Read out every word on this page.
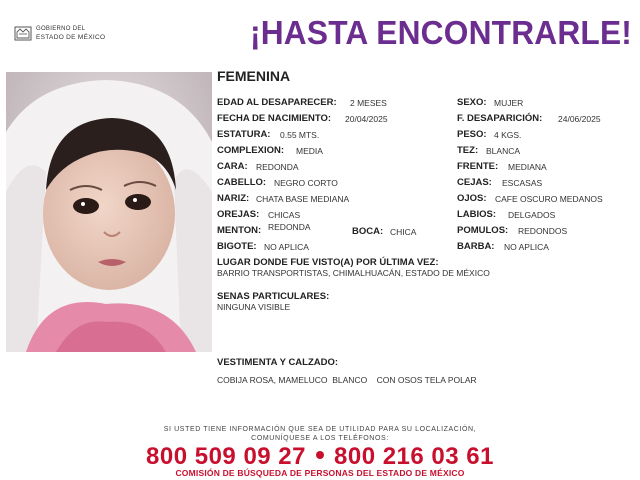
GOBIERNO DEL
ESTADO DE MÉXICO	¡HASTA ENCONTRARLE!
FEMENINA
EDAD AL DESAPARECER: 2 MESES
FECHA DE NACIMIENTO: 20/04/2025
ESTATURA: 0.55 MTS.
COMPLEXION: MEDIA
CARA: REDONDA
CABELLO: NEGRO CORTO
NARIZ: CHATA BASE MEDIANA
OREJAS: CHICAS
MENTON: REDONDA	BOCA: CHICA
BIGOTE: NO APLICA
SEXO: MUJER
F. DESAPARICIÓN: 24/06/2025
PESO: 4 KGS.
TEZ: BLANCA
FRENTE: MEDIANA
CEJAS: ESCASAS
OJOS: CAFE OSCURO MEDANOS
LABIOS: DELGADOS
POMULOS: REDONDOS
BARBA: NO APLICA
LUGAR DONDE FUE VISTO(A) POR ÚLTIMA VEZ:
BARRIO TRANSPORTISTAS, CHIMALHUACÁN, ESTADO DE MÉXICO
SENAS PARTICULARES:
NINGUNA VISIBLE
VESTIMENTA Y CALZADO:
COBIJA ROSA, MAMELUCO  BLANCO    CON OSOS TELA POLAR
SI USTED TIENE INFORMACIÓN QUE SEA DE UTILIDAD PARA SU LOCALIZACIÓN,
COMUNÍQUESE A LOS TELÉFONOS:
800 509 09 27 800 216 03 61
COMISIÓN DE BÚSQUEDA DE PERSONAS DEL ESTADO DE MÉXICO
